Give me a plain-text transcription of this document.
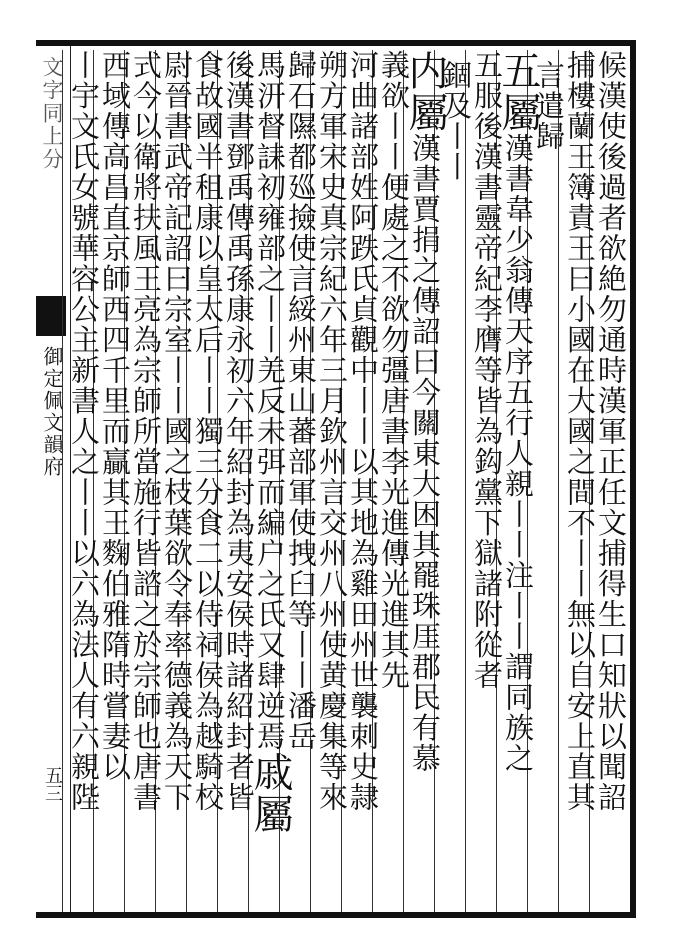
文字同上分
御定佩文韻府
五三	候漢使後過者欲絶勿通時漢軍正任文捕得生口知狀以聞詔
捕樓蘭王簿責王曰小國在大國之間不丨丨無以自安上直其
言遣歸
五屬漢書韋少翁傳天序五行人親丨丨注丨丨謂同族之
五服後漢書靈帝紀李膺等皆為鈎黨下獄諸附從者
錮及丨丨
内屬漢書賈捐之傳詔曰今關東大困其罷珠厓郡民有慕
義欲丨丨便處之不欲勿彊唐書李光進傳光進其先
河曲諸部姓阿跌氏貞觀中丨丨以其地為雞田州世襲刺史隷
朔方軍宋史真宗紀六年三月欽州言交州八州使黄慶集等來
歸石隰都廵撿使言綏州東山蕃部軍使拽臼等丨丨潘岳
馬汧督誄初雍部之丨丨羌反未弭而編户之氏又肆逆焉戚屬
後漢書鄧禹傳禹孫康永初六年紹封為夷安侯時諸紹封者皆
食故國半租康以皇太后丨丨獨三分食二以侍祠侯為越騎校
尉晉書武帝記詔曰宗室丨丨國之枝葉欲令奉率德義為天下
式今以衛將扶風王亮為宗師所當施行皆諮之於宗師也唐書
西域傳高昌直京師西四千里而贏其王麴伯雅隋時嘗妻以
丨宇文氏女號華容公主新書人之丨丨以六為法人有六親陛
